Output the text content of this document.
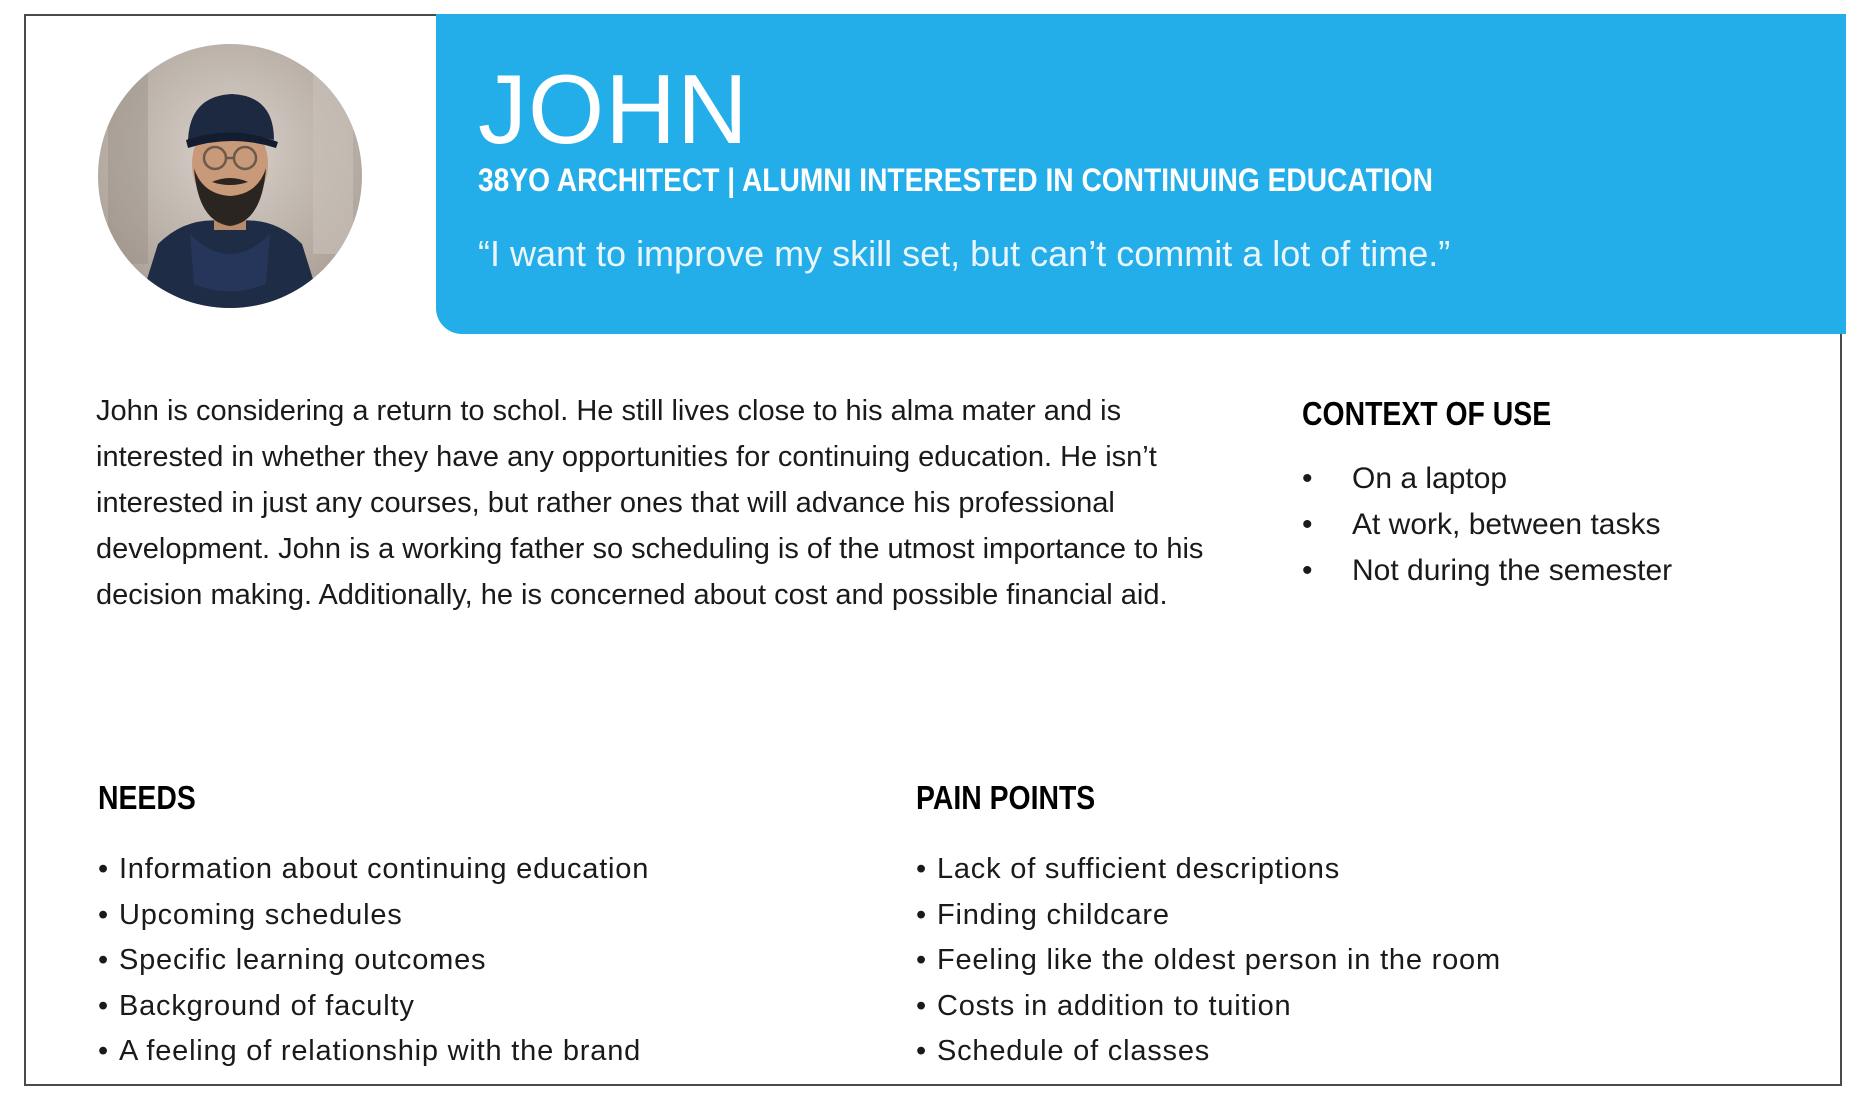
JOHN
38YO ARCHITECT | ALUMNI INTERESTED IN CONTINUING EDUCATION
“I want to improve my skill set, but can’t commit a lot of time.”
John is considering a return to schol. He still lives close to his alma mater and is interested in whether they have any opportunities for continuing education. He isn’t interested in just any courses, but rather ones that will advance his professional development. John is a working father so scheduling is of the utmost importance to his decision making. Additionally, he is concerned about cost and possible financial aid.
CONTEXT OF USE
• On a laptop
• At work, between tasks
• Not during the semester
NEEDS
• Information about continuing education
• Upcoming schedules
• Specific learning outcomes
• Background of faculty
• A feeling of relationship with the brand
PAIN POINTS
• Lack of sufficient descriptions
• Finding childcare
• Feeling like the oldest person in the room
• Costs in addition to tuition
• Schedule of classes
